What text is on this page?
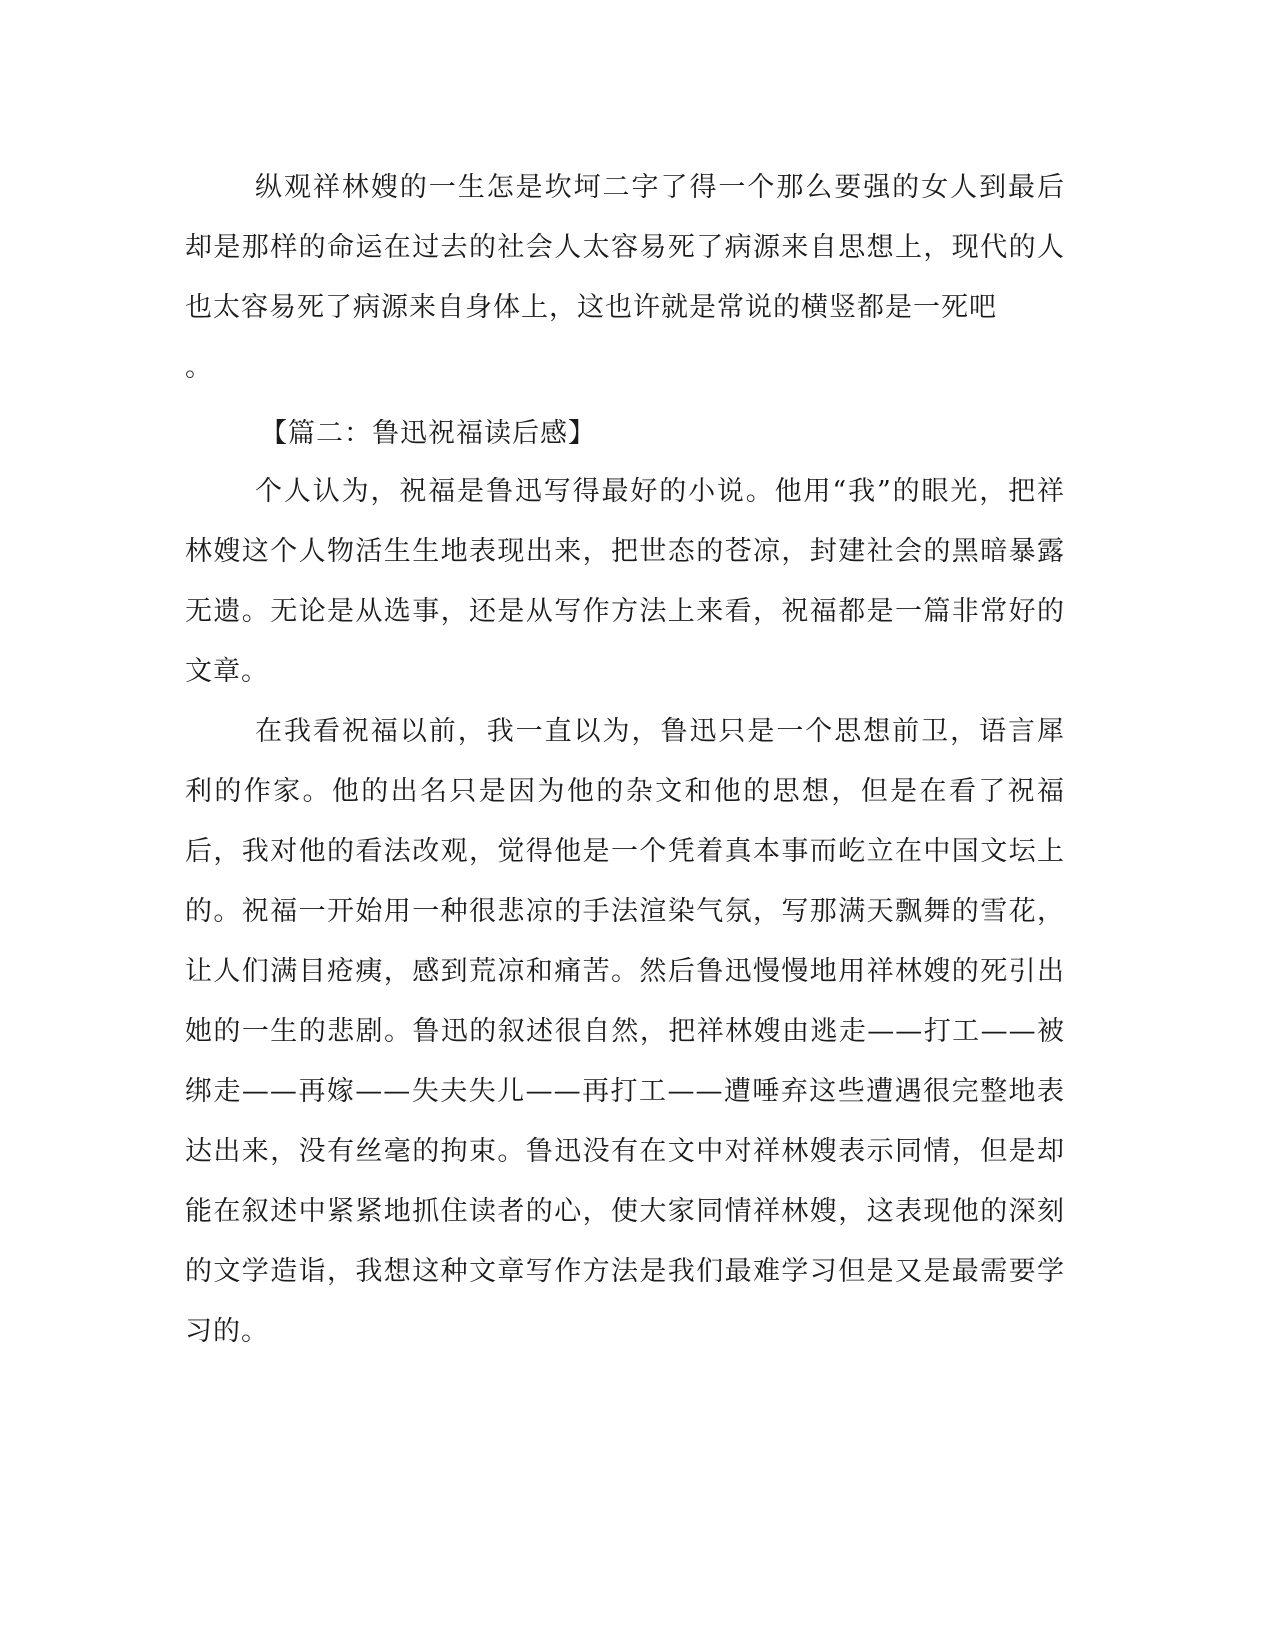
纵观祥林嫂的一生怎是坎坷二字了得一个那么要强的女人到最后却是那样的命运在过去的社会人太容易死了病源来自思想上，现代的人也太容易死了病源来自身体上，这也许就是常说的横竖都是一死吧

。

【篇二：鲁迅祝福读后感】

个人认为，祝福是鲁迅写得最好的小说。他用“我”的眼光，把祥林嫂这个人物活生生地表现出来，把世态的苍凉，封建社会的黑暗暴露无遗。无论是从选事，还是从写作方法上来看，祝福都是一篇非常好的文章。

在我看祝福以前，我一直以为，鲁迅只是一个思想前卫，语言犀利的作家。他的出名只是因为他的杂文和他的思想，但是在看了祝福后，我对他的看法改观，觉得他是一个凭着真本事而屹立在中国文坛上的。祝福一开始用一种很悲凉的手法渲染气氛，写那满天飘舞的雪花，让人们满目疮痍，感到荒凉和痛苦。然后鲁迅慢慢地用祥林嫂的死引出她的一生的悲剧。鲁迅的叙述很自然，把祥林嫂由逃走——打工——被绑走——再嫁——失夫失儿——再打工——遭唾弃这些遭遇很完整地表达出来，没有丝毫的拘束。鲁迅没有在文中对祥林嫂表示同情，但是却能在叙述中紧紧地抓住读者的心，使大家同情祥林嫂，这表现他的深刻的文学造诣，我想这种文章写作方法是我们最难学习但是又是最需要学习的。
